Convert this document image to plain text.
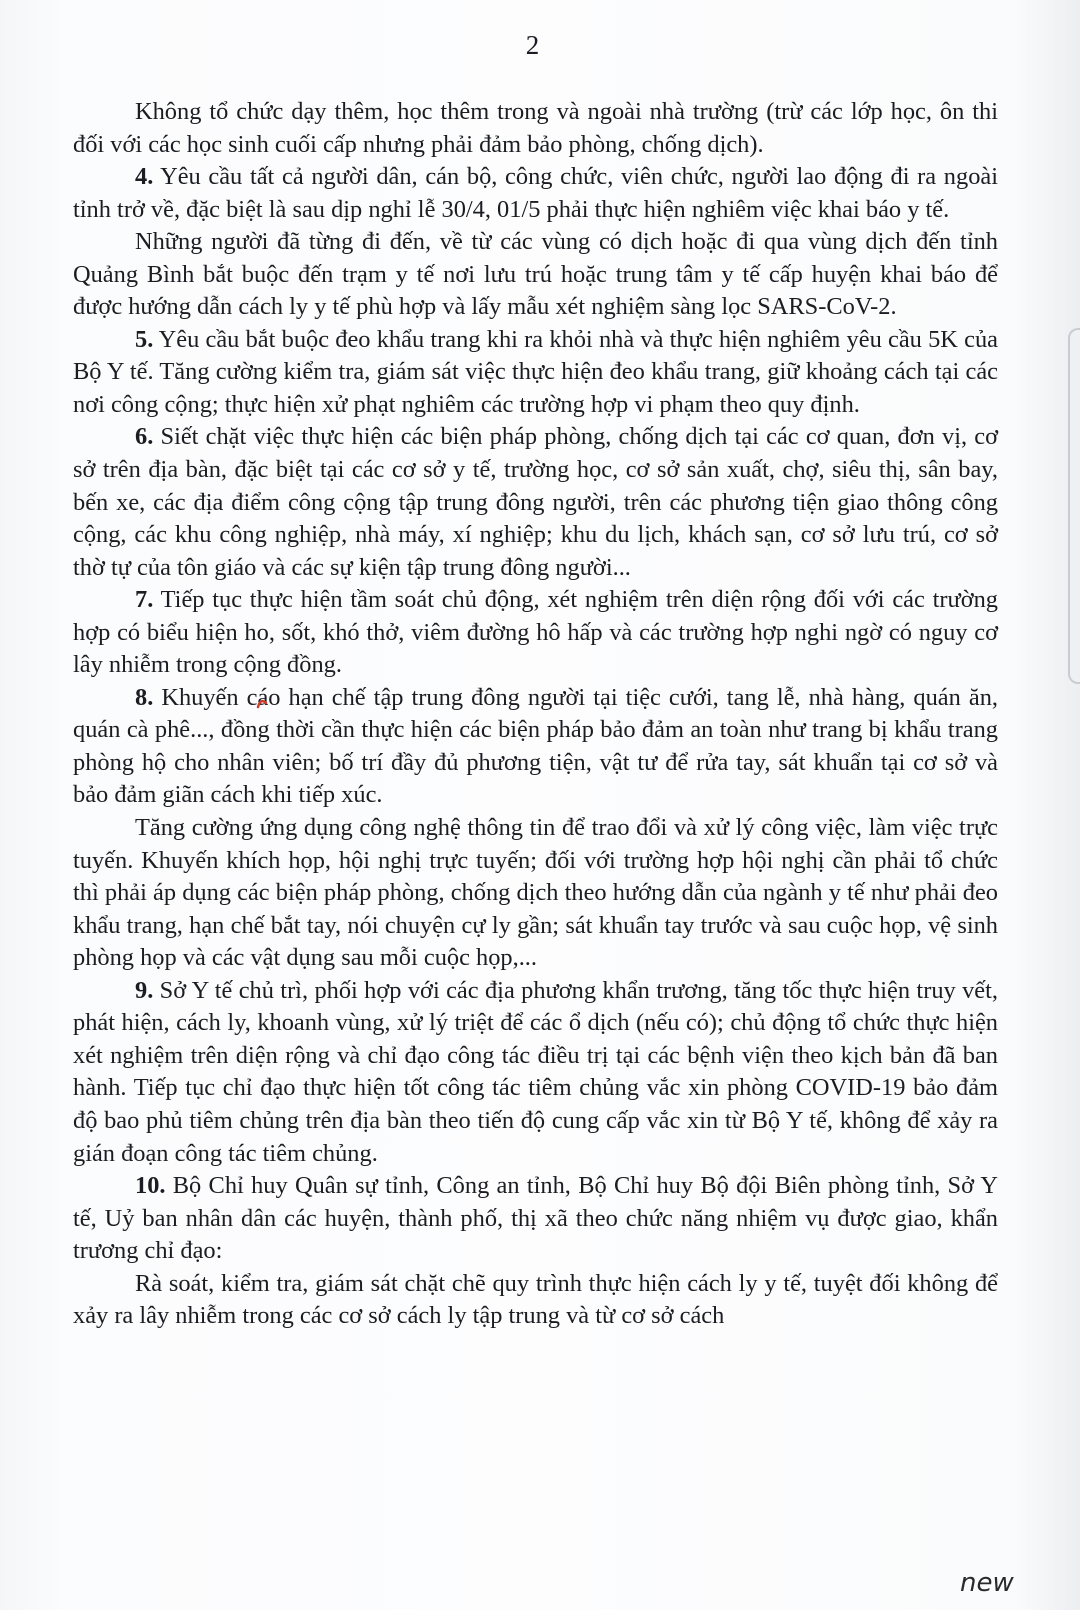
2

Không tổ chức dạy thêm, học thêm trong và ngoài nhà trường (trừ các lớp học, ôn thi đối với các học sinh cuối cấp nhưng phải đảm bảo phòng, chống dịch).

4. Yêu cầu tất cả người dân, cán bộ, công chức, viên chức, người lao động đi ra ngoài tỉnh trở về, đặc biệt là sau dịp nghỉ lễ 30/4, 01/5 phải thực hiện nghiêm việc khai báo y tế.

Những người đã từng đi đến, về từ các vùng có dịch hoặc đi qua vùng dịch đến tỉnh Quảng Bình bắt buộc đến trạm y tế nơi lưu trú hoặc trung tâm y tế cấp huyện khai báo để được hướng dẫn cách ly y tế phù hợp và lấy mẫu xét nghiệm sàng lọc SARS-CoV-2.

5. Yêu cầu bắt buộc đeo khẩu trang khi ra khỏi nhà và thực hiện nghiêm yêu cầu 5K của Bộ Y tế. Tăng cường kiểm tra, giám sát việc thực hiện đeo khẩu trang, giữ khoảng cách tại các nơi công cộng; thực hiện xử phạt nghiêm các trường hợp vi phạm theo quy định.

6. Siết chặt việc thực hiện các biện pháp phòng, chống dịch tại các cơ quan, đơn vị, cơ sở trên địa bàn, đặc biệt tại các cơ sở y tế, trường học, cơ sở sản xuất, chợ, siêu thị, sân bay, bến xe, các địa điểm công cộng tập trung đông người, trên các phương tiện giao thông công cộng, các khu công nghiệp, nhà máy, xí nghiệp; khu du lịch, khách sạn, cơ sở lưu trú, cơ sở thờ tự của tôn giáo và các sự kiện tập trung đông người...

7. Tiếp tục thực hiện tầm soát chủ động, xét nghiệm trên diện rộng đối với các trường hợp có biểu hiện ho, sốt, khó thở, viêm đường hô hấp và các trường hợp nghi ngờ có nguy cơ lây nhiễm trong cộng đồng.

8. Khuyến cáo hạn chế tập trung đông người tại tiệc cưới, tang lễ, nhà hàng, quán ăn, quán cà phê..., đồng thời cần thực hiện các biện pháp bảo đảm an toàn như trang bị khẩu trang phòng hộ cho nhân viên; bố trí đầy đủ phương tiện, vật tư để rửa tay, sát khuẩn tại cơ sở và bảo đảm giãn cách khi tiếp xúc.

Tăng cường ứng dụng công nghệ thông tin để trao đổi và xử lý công việc, làm việc trực tuyến. Khuyến khích họp, hội nghị trực tuyến; đối với trường hợp hội nghị cần phải tổ chức thì phải áp dụng các biện pháp phòng, chống dịch theo hướng dẫn của ngành y tế như phải đeo khẩu trang, hạn chế bắt tay, nói chuyện cự ly gần; sát khuẩn tay trước và sau cuộc họp, vệ sinh phòng họp và các vật dụng sau mỗi cuộc họp,...

9. Sở Y tế chủ trì, phối hợp với các địa phương khẩn trương, tăng tốc thực hiện truy vết, phát hiện, cách ly, khoanh vùng, xử lý triệt để các ổ dịch (nếu có); chủ động tổ chức thực hiện xét nghiệm trên diện rộng và chỉ đạo công tác điều trị tại các bệnh viện theo kịch bản đã ban hành. Tiếp tục chỉ đạo thực hiện tốt công tác tiêm chủng vắc xin phòng COVID-19 bảo đảm độ bao phủ tiêm chủng trên địa bàn theo tiến độ cung cấp vắc xin từ Bộ Y tế, không để xảy ra gián đoạn công tác tiêm chủng.

10. Bộ Chỉ huy Quân sự tỉnh, Công an tỉnh, Bộ Chỉ huy Bộ đội Biên phòng tỉnh, Sở Y tế, Uỷ ban nhân dân các huyện, thành phố, thị xã theo chức năng nhiệm vụ được giao, khẩn trương chỉ đạo:

Rà soát, kiểm tra, giám sát chặt chẽ quy trình thực hiện cách ly y tế, tuyệt đối không để xảy ra lây nhiễm trong các cơ sở cách ly tập trung và từ cơ sở cách

new
